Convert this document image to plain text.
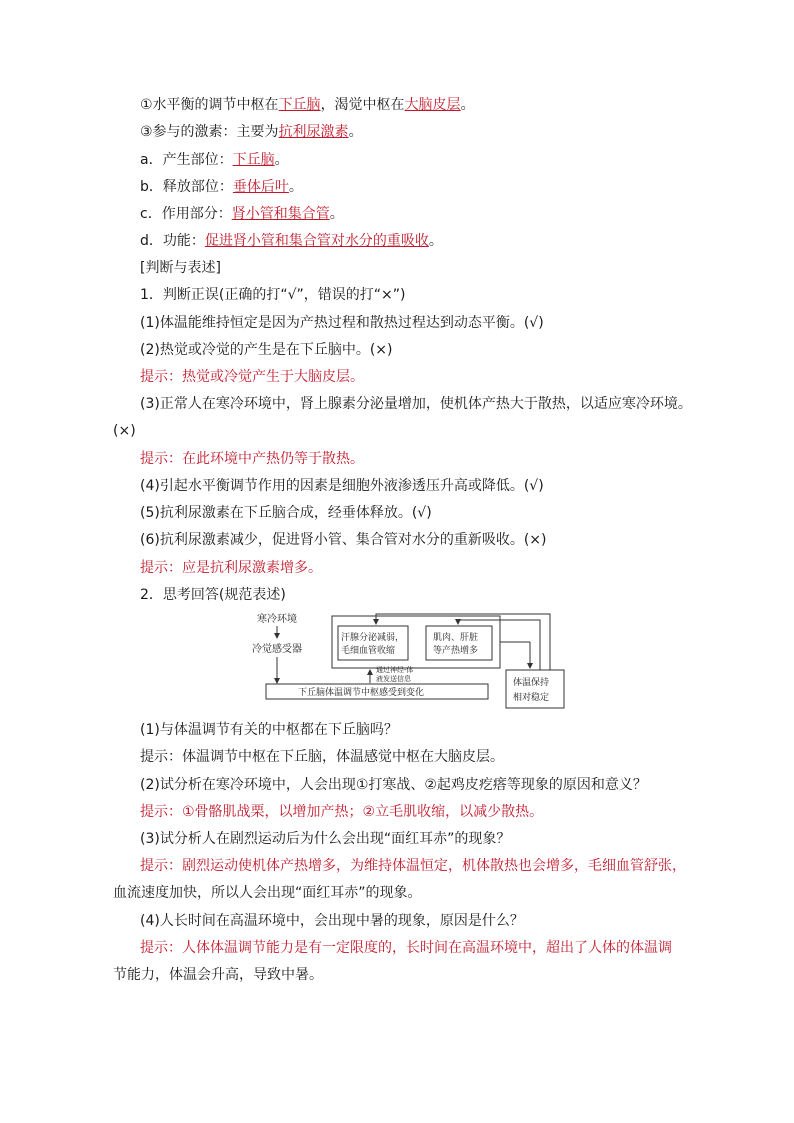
①水平衡的调节中枢在下丘脑，渴觉中枢在大脑皮层。
③参与的激素：主要为抗利尿激素。
a．产生部位：下丘脑。
b．释放部位：垂体后叶。
c．作用部分：肾小管和集合管。
d．功能：促进肾小管和集合管对水分的重吸收。
[判断与表述]
1．判断正误(正确的打“√”，错误的打“×”)
(1)体温能维持恒定是因为产热过程和散热过程达到动态平衡。(√)
(2)热觉或冷觉的产生是在下丘脑中。(×)
提示：热觉或冷觉产生于大脑皮层。
(3)正常人在寒冷环境中，肾上腺素分泌量增加，使机体产热大于散热，以适应寒冷环境。
(×)
提示：在此环境中产热仍等于散热。
(4)引起水平衡调节作用的因素是细胞外液渗透压升高或降低。(√)
(5)抗利尿激素在下丘脑合成，经垂体释放。(√)
(6)抗利尿激素减少，促进肾小管、集合管对水分的重新吸收。(×)
提示：应是抗利尿激素增多。
2．思考回答(规范表述)
寒冷环境
冷觉感受器
汗腺分泌减弱，
毛细血管收缩
肌肉、肝脏
等产热增多
通过神经-体
液发送信息
下丘脑体温调节中枢感受到变化
体温保持
相对稳定
(1)与体温调节有关的中枢都在下丘脑吗？
提示：体温调节中枢在下丘脑，体温感觉中枢在大脑皮层。
(2)试分析在寒冷环境中，人会出现①打寒战、②起鸡皮疙瘩等现象的原因和意义？
提示：①骨骼肌战栗，以增加产热；②立毛肌收缩，以减少散热。
(3)试分析人在剧烈运动后为什么会出现“面红耳赤”的现象？
提示：剧烈运动使机体产热增多，为维持体温恒定，机体散热也会增多，毛细血管舒张，
血流速度加快，所以人会出现“面红耳赤”的现象。
(4)人长时间在高温环境中，会出现中暑的现象，原因是什么？
提示：人体体温调节能力是有一定限度的，长时间在高温环境中，超出了人体的体温调
节能力，体温会升高，导致中暑。
